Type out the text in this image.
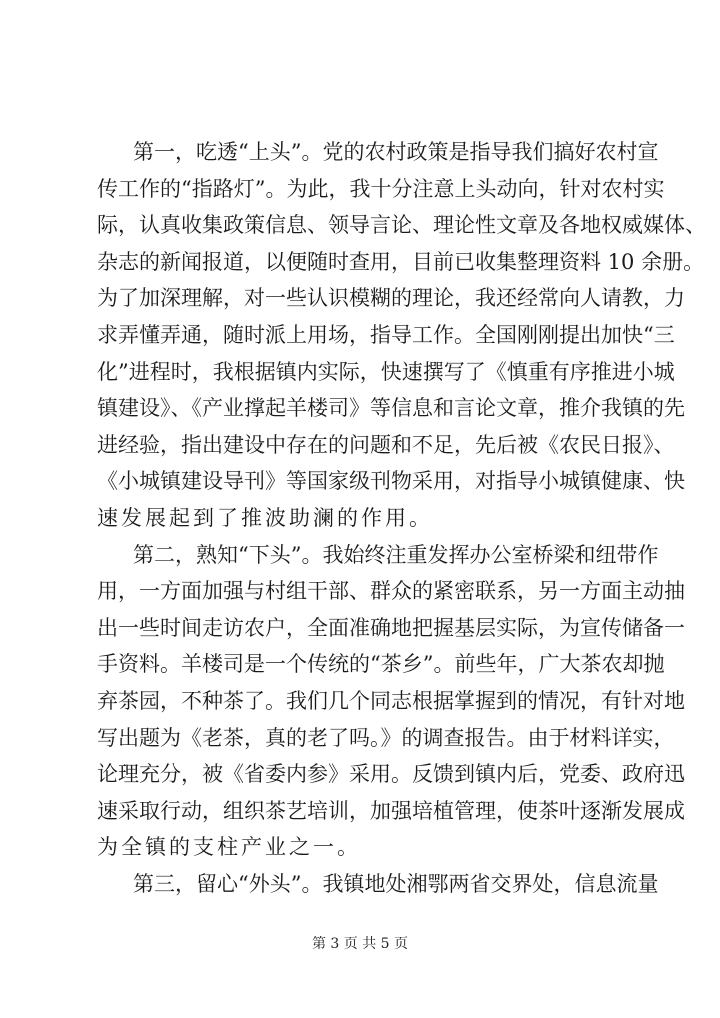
第一，吃透“上头”。党的农村政策是指导我们搞好农村宣
传工作的“指路灯”。为此，我十分注意上头动向，针对农村实
际，认真收集政策信息、领导言论、理论性文章及各地权威媒体、
杂志的新闻报道，以便随时查用，目前已收集整理资料 10 余册。
为了加深理解，对一些认识模糊的理论，我还经常向人请教，力
求弄懂弄通，随时派上用场，指导工作。全国刚刚提出加快“三
化”进程时，我根据镇内实际，快速撰写了《慎重有序推进小城
镇建设》、《产业撑起羊楼司》等信息和言论文章，推介我镇的先
进经验，指出建设中存在的问题和不足，先后被《农民日报》、
《小城镇建设导刊》等国家级刊物采用，对指导小城镇健康、快
速发展起到了推波助澜的作用。
第二，熟知“下头”。我始终注重发挥办公室桥梁和纽带作
用，一方面加强与村组干部、群众的紧密联系，另一方面主动抽
出一些时间走访农户，全面准确地把握基层实际，为宣传储备一
手资料。羊楼司是一个传统的“茶乡”。前些年，广大茶农却抛
弃茶园，不种茶了。我们几个同志根据掌握到的情况，有针对地
写出题为《老茶，真的老了吗。》的调查报告。由于材料详实，
论理充分，被《省委内参》采用。反馈到镇内后，党委、政府迅
速采取行动，组织茶艺培训，加强培植管理，使茶叶逐渐发展成
为全镇的支柱产业之一。
第三，留心“外头”。我镇地处湘鄂两省交界处，信息流量
第 3 页 共 5 页
